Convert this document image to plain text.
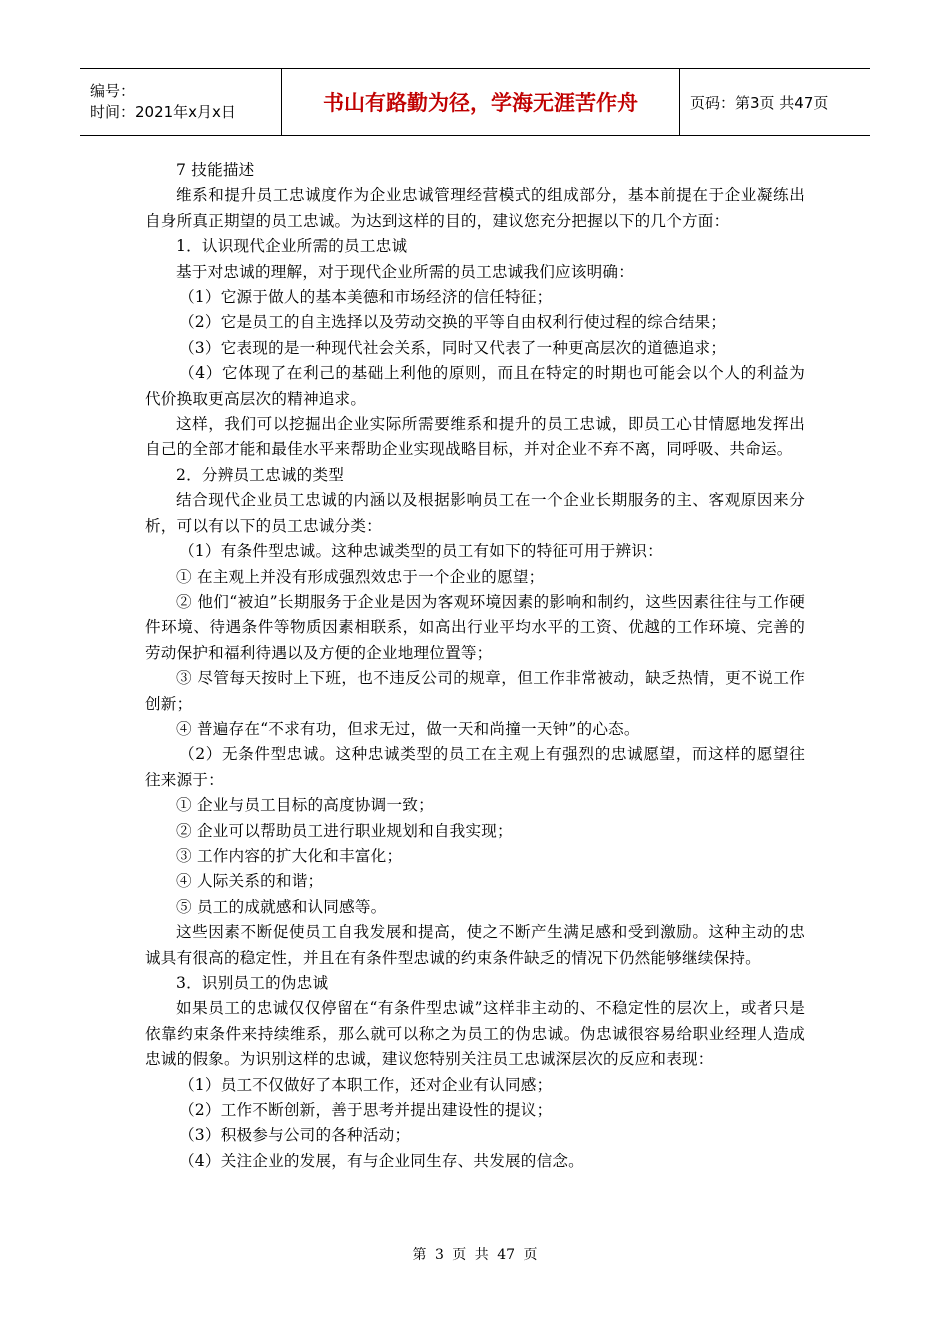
编号：
时间：2021年x月x日	书山有路勤为径，学海无涯苦作舟	页码：第3页 共47页

7 技能描述

维系和提升员工忠诚度作为企业忠诚管理经营模式的组成部分，基本前提在于企业凝练出自身所真正期望的员工忠诚。为达到这样的目的，建议您充分把握以下的几个方面：

1．认识现代企业所需的员工忠诚

基于对忠诚的理解，对于现代企业所需的员工忠诚我们应该明确：

（1）它源于做人的基本美德和市场经济的信任特征；

（2）它是员工的自主选择以及劳动交换的平等自由权利行使过程的综合结果；

（3）它表现的是一种现代社会关系，同时又代表了一种更高层次的道德追求；

（4）它体现了在利己的基础上利他的原则，而且在特定的时期也可能会以个人的利益为代价换取更高层次的精神追求。

这样，我们可以挖掘出企业实际所需要维系和提升的员工忠诚，即员工心甘情愿地发挥出自己的全部才能和最佳水平来帮助企业实现战略目标，并对企业不弃不离，同呼吸、共命运。

2．分辨员工忠诚的类型

结合现代企业员工忠诚的内涵以及根据影响员工在一个企业长期服务的主、客观原因来分析，可以有以下的员工忠诚分类：

（1）有条件型忠诚。这种忠诚类型的员工有如下的特征可用于辨识：

① 在主观上并没有形成强烈效忠于一个企业的愿望；

② 他们“被迫”长期服务于企业是因为客观环境因素的影响和制约，这些因素往往与工作硬件环境、待遇条件等物质因素相联系，如高出行业平均水平的工资、优越的工作环境、完善的劳动保护和福利待遇以及方便的企业地理位置等；

③ 尽管每天按时上下班，也不违反公司的规章，但工作非常被动，缺乏热情，更不说工作创新；

④ 普遍存在“不求有功，但求无过，做一天和尚撞一天钟”的心态。

（2）无条件型忠诚。这种忠诚类型的员工在主观上有强烈的忠诚愿望，而这样的愿望往往来源于：

① 企业与员工目标的高度协调一致；

② 企业可以帮助员工进行职业规划和自我实现；

③ 工作内容的扩大化和丰富化；

④ 人际关系的和谐；

⑤ 员工的成就感和认同感等。

这些因素不断促使员工自我发展和提高，使之不断产生满足感和受到激励。这种主动的忠诚具有很高的稳定性，并且在有条件型忠诚的约束条件缺乏的情况下仍然能够继续保持。

3．识别员工的伪忠诚

如果员工的忠诚仅仅停留在“有条件型忠诚”这样非主动的、不稳定性的层次上，或者只是依靠约束条件来持续维系，那么就可以称之为员工的伪忠诚。伪忠诚很容易给职业经理人造成忠诚的假象。为识别这样的忠诚，建议您特别关注员工忠诚深层次的反应和表现：

（1）员工不仅做好了本职工作，还对企业有认同感；

（2）工作不断创新，善于思考并提出建设性的提议；

（3）积极参与公司的各种活动；

（4）关注企业的发展，有与企业同生存、共发展的信念。

第 3 页 共 47 页
